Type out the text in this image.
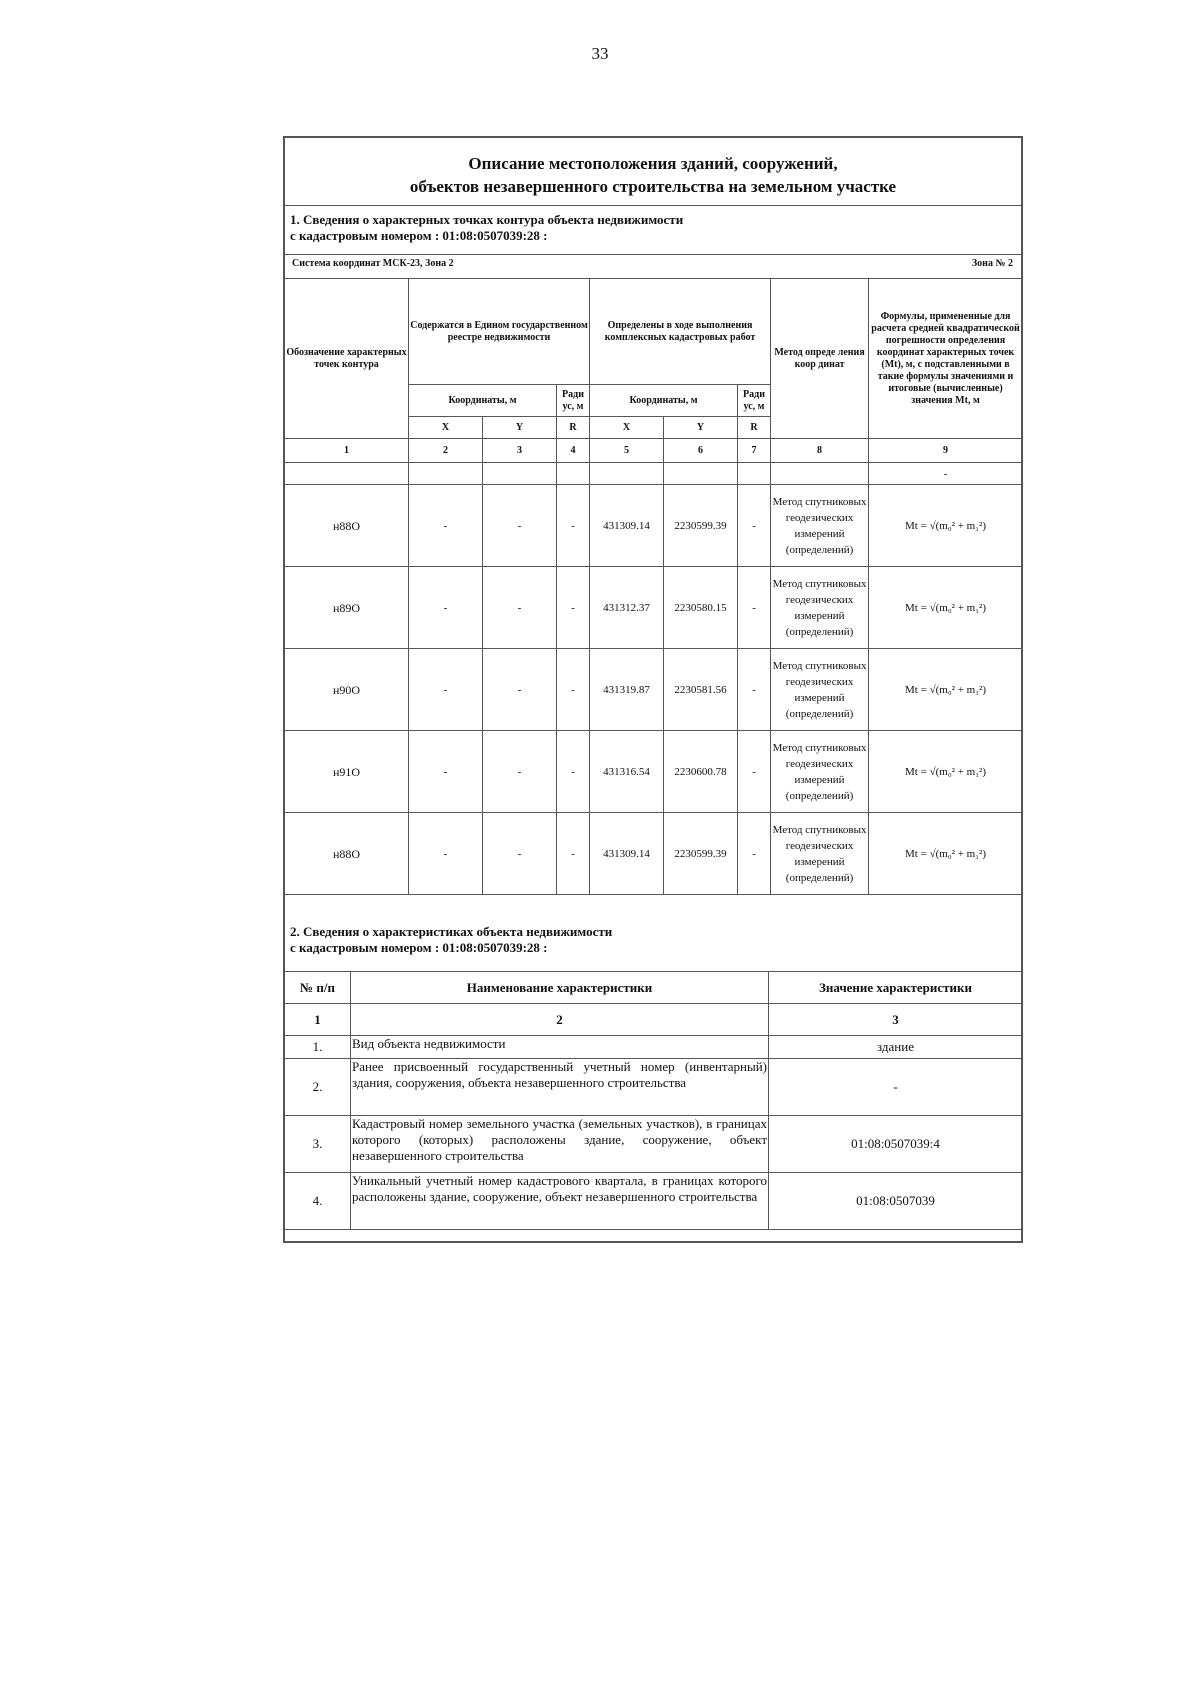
33
Описание местоположения зданий, сооружений,
объектов незавершенного строительства на земельном участке
1. Сведения о характерных точках контура объекта недвижимости
с кадастровым номером : 01:08:0507039:28 :
Система координат МСК-23, Зона 2	Зона № 2
Обозначение характерных точек контура	Содержатся в Едином государственном реестре недвижимости			Определены в ходе выполнения комплексных кадастровых работ			Метод опреде ления коор динат	Формулы, примененные для расчета средней квадратической погрешности определения координат характерных точек (Mt), м, с подставленными в такие формулы значениями и итоговые (вычисленные) значения Mt, м
	Координаты, м		Ради ус, м	Координаты, м		Ради ус, м		
	X	Y	R	X	Y	R		
1	2	3	4	5	6	7	8	9
								-
н88О	-	-	-	431309.14	2230599.39	-	Метод спутниковых геодезических измерений (определений)	Mt = √(m₀² + m₁²)
н89О	-	-	-	431312.37	2230580.15	-	Метод спутниковых геодезических измерений (определений)	Mt = √(m₀² + m₁²)
н90О	-	-	-	431319.87	2230581.56	-	Метод спутниковых геодезических измерений (определений)	Mt = √(m₀² + m₁²)
н91О	-	-	-	431316.54	2230600.78	-	Метод спутниковых геодезических измерений (определений)	Mt = √(m₀² + m₁²)
н88О	-	-	-	431309.14	2230599.39	-	Метод спутниковых геодезических измерений (определений)	Mt = √(m₀² + m₁²)
2. Сведения о характеристиках объекта недвижимости
с кадастровым номером : 01:08:0507039:28 :
№ п/п	Наименование характеристики	Значение характеристики
1	2	3
1.	Вид объекта недвижимости	здание
2.	Ранее присвоенный государственный учетный номер (инвентарный) здания, сооружения, объекта незавершенного строительства	-
3.	Кадастровый номер земельного участка (земельных участков), в границах которого (которых) расположены здание, сооружение, объект незавершенного строительства	01:08:0507039:4
4.	Уникальный учетный номер кадастрового квартала, в границах которого расположены здание, сооружение, объект незавершенного строительства	01:08:0507039
